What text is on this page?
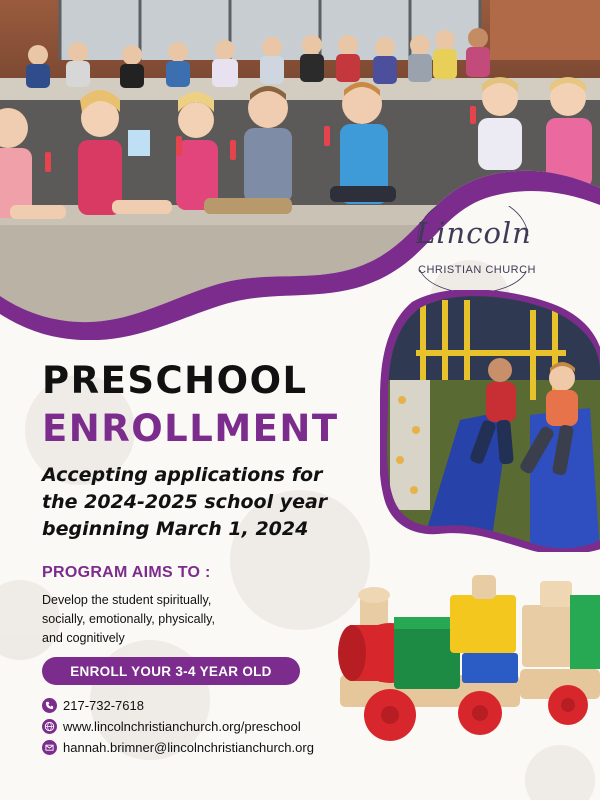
Lincoln
CHRISTIAN CHURCH
PRESCHOOL
ENROLLMENT
Accepting applications for
the 2024-2025 school year
beginning March 1, 2024
PROGRAM AIMS TO :
Develop the student spiritually,
socially, emotionally, physically,
and cognitively
ENROLL YOUR 3-4 YEAR OLD
217-732-7618
www.lincolnchristianchurch.org/preschool
hannah.brimner@lincolnchristianchurch.org
